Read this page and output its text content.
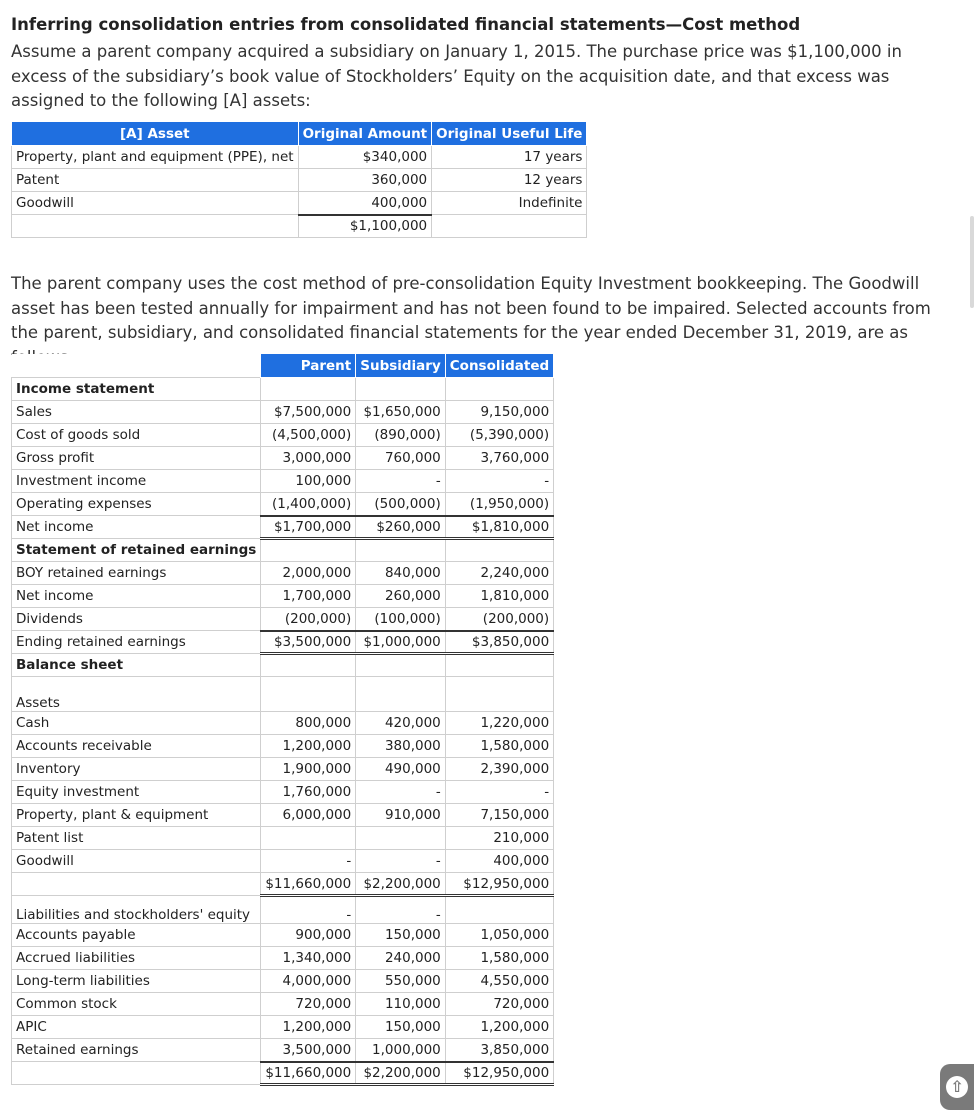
Inferring consolidation entries from consolidated financial statements—Cost method
Assume a parent company acquired a subsidiary on January 1, 2015. The purchase price was $1,100,000 in excess of the subsidiary’s book value of Stockholders’ Equity on the acquisition date, and that excess was assigned to the following [A] assets:
[A] Asset	Original Amount	Original Useful Life
Property, plant and equipment (PPE), net	$340,000	17 years
Patent	360,000	12 years
Goodwill	400,000	Indefinite
	$1,100,000	
The parent company uses the cost method of pre-consolidation Equity Investment bookkeeping. The Goodwill asset has been tested annually for impairment and has not been found to be impaired. Selected accounts from the parent, subsidiary, and consolidated financial statements for the year ended December 31, 2019, are as
	Parent	Subsidiary	Consolidated
Income statement			
Sales	$7,500,000	$1,650,000	9,150,000
Cost of goods sold	(4,500,000)	(890,000)	(5,390,000)
Gross profit	3,000,000	760,000	3,760,000
Investment income	100,000	-	-
Operating expenses	(1,400,000)	(500,000)	(1,950,000)
Net income	$1,700,000	$260,000	$1,810,000
Statement of retained earnings			
BOY retained earnings	2,000,000	840,000	2,240,000
Net income	1,700,000	260,000	1,810,000
Dividends	(200,000)	(100,000)	(200,000)
Ending retained earnings	$3,500,000	$1,000,000	$3,850,000
Balance sheet			
Assets			
Cash	800,000	420,000	1,220,000
Accounts receivable	1,200,000	380,000	1,580,000
Inventory	1,900,000	490,000	2,390,000
Equity investment	1,760,000	-	-
Property, plant & equipment	6,000,000	910,000	7,150,000
Patent list			210,000
Goodwill	-	-	400,000
	$11,660,000	$2,200,000	$12,950,000
Liabilities and stockholders' equity	-	-	
Accounts payable	900,000	150,000	1,050,000
Accrued liabilities	1,340,000	240,000	1,580,000
Long-term liabilities	4,000,000	550,000	4,550,000
Common stock	720,000	110,000	720,000
APIC	1,200,000	150,000	1,200,000
Retained earnings	3,500,000	1,000,000	3,850,000
	$11,660,000	$2,200,000	$12,950,000
⇧
